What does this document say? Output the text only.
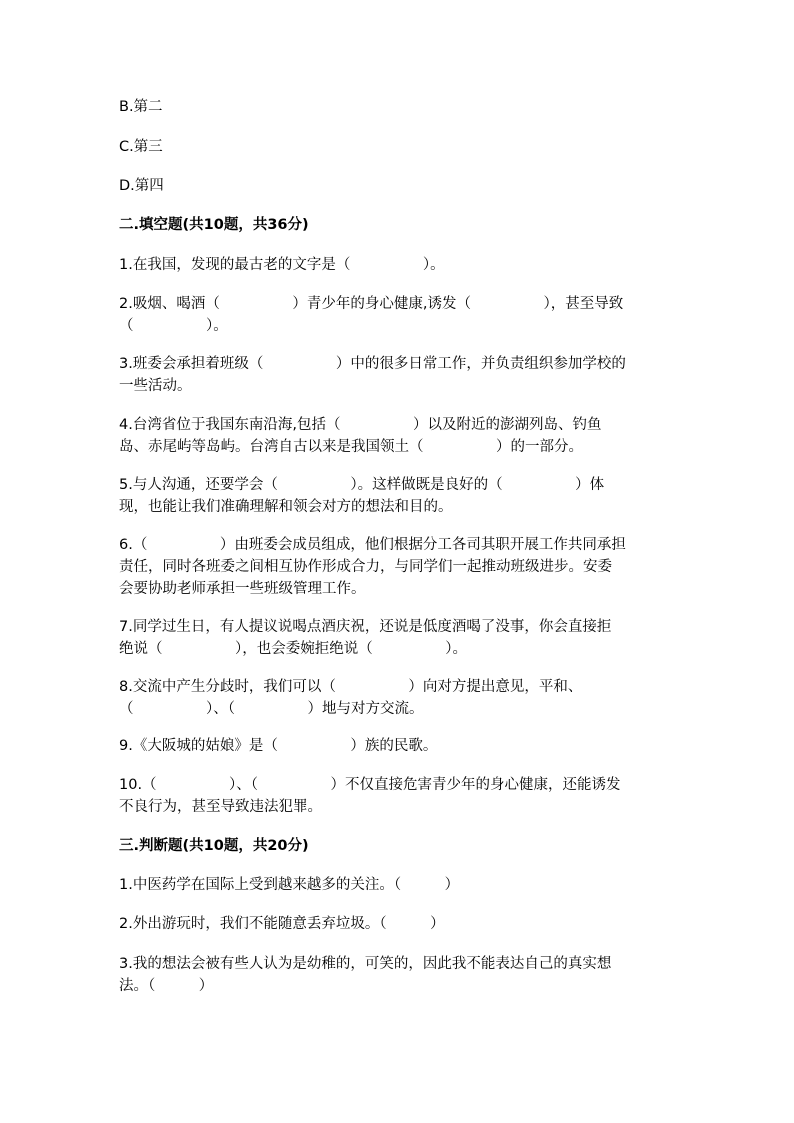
B.第二
C.第三
D.第四
二.填空题(共10题，共36分)
1.在我国，发现的最古老的文字是（　　　　　）。
2.吸烟、喝酒（　　　　　）青少年的身心健康,诱发（　　　　　），甚至导致
（　　　　　）。
3.班委会承担着班级（　　　　　）中的很多日常工作，并负责组织参加学校的
一些活动。
4.台湾省位于我国东南沿海,包括（　　　　　）以及附近的澎湖列岛、钓鱼
岛、赤尾屿等岛屿。台湾自古以来是我国领土（　　　　　）的一部分。
5.与人沟通，还要学会（　　　　　）。这样做既是良好的（　　　　　）体
现，也能让我们准确理解和领会对方的想法和目的。
6.（　　　　　）由班委会成员组成，他们根据分工各司其职开展工作共同承担
责任，同时各班委之间相互协作形成合力，与同学们一起推动班级进步。安委
会要协助老师承担一些班级管理工作。
7.同学过生日，有人提议说喝点酒庆祝，还说是低度酒喝了没事，你会直接拒
绝说（　　　　　），也会委婉拒绝说（　　　　　）。
8.交流中产生分歧时，我们可以（　　　　　）向对方提出意见，平和、
（　　　　　）、（　　　　　）地与对方交流。
9.《大阪城的姑娘》是（　　　　　）族的民歌。
10.（　　　　　）、（　　　　　）不仅直接危害青少年的身心健康，还能诱发
不良行为，甚至导致违法犯罪。
三.判断题(共10题，共20分)
1.中医药学在国际上受到越来越多的关注。（　　　）
2.外出游玩时，我们不能随意丢弃垃圾。（　　　）
3.我的想法会被有些人认为是幼稚的，可笑的，因此我不能表达自己的真实想
法。（　　　）
